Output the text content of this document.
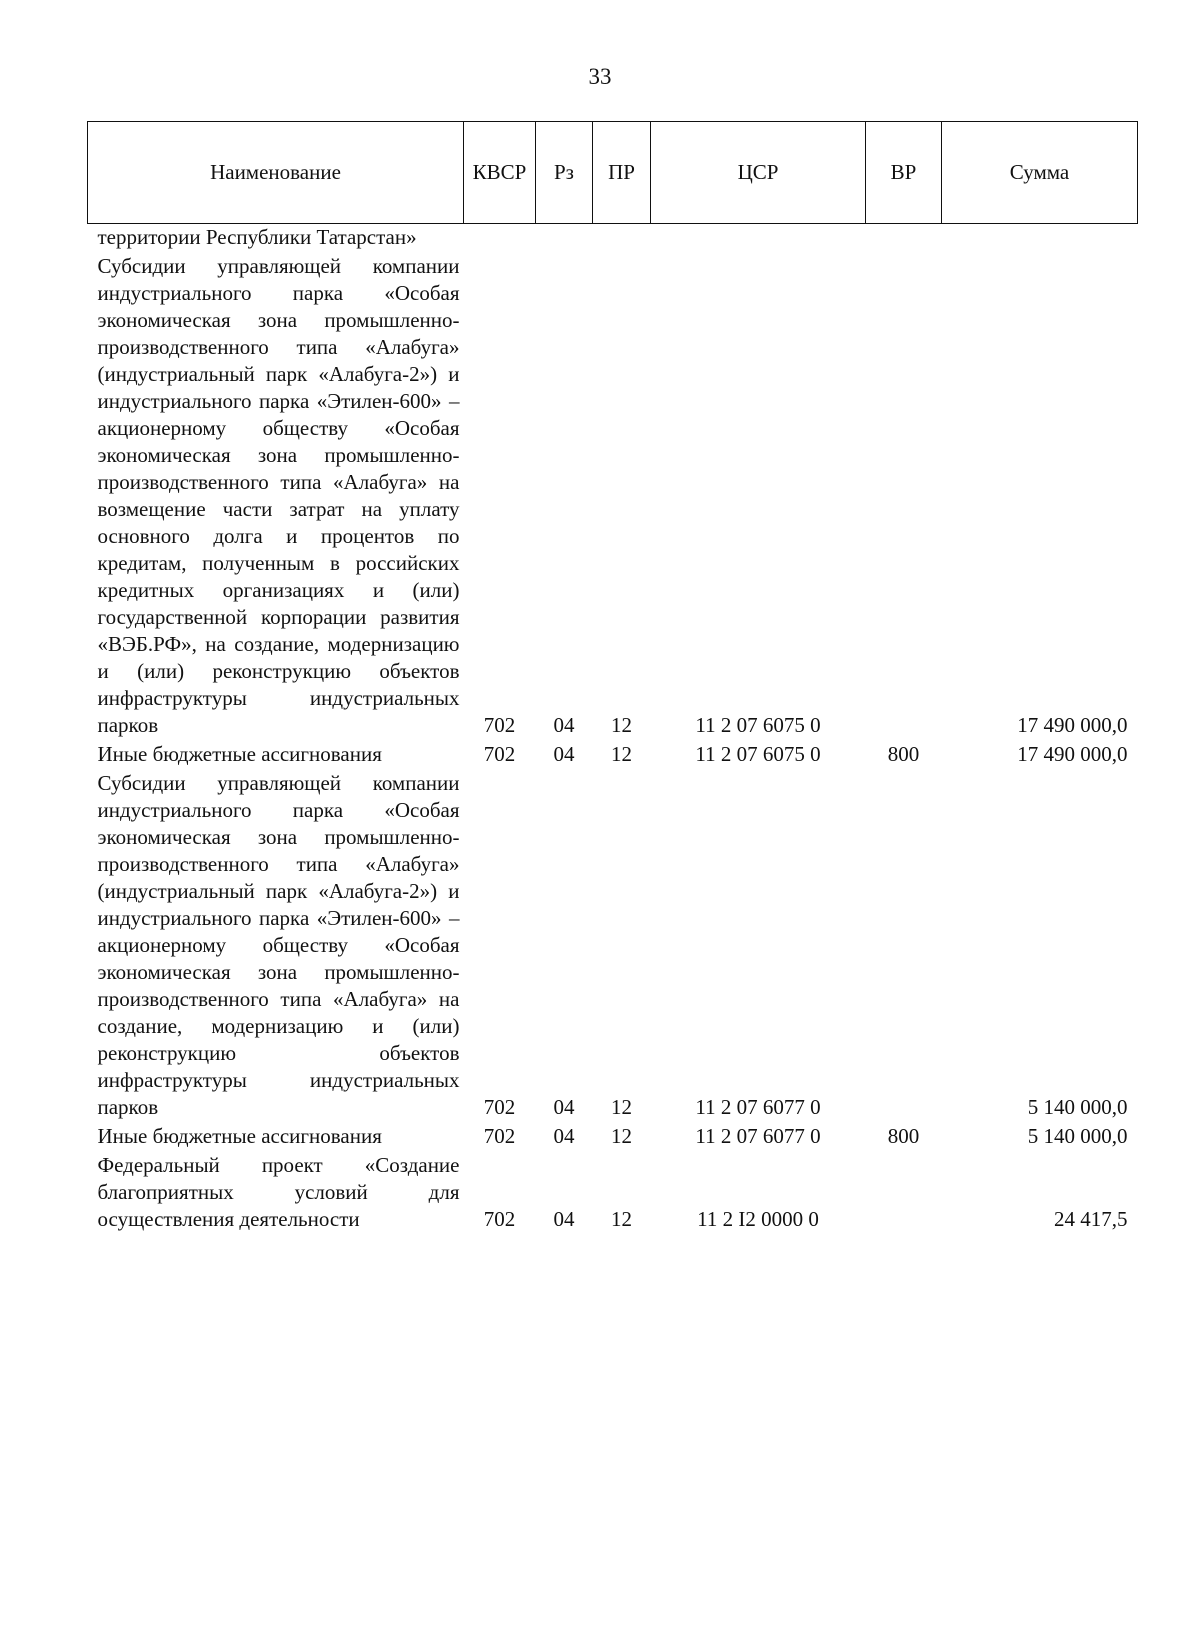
33
Наименование	КВСР	Рз	ПР	ЦСР	ВР	Сумма
территории Республики Татарстан»						
Субсидии управляющей компании индустриального парка «Особая экономическая зона промышленно-производственного типа «Алабуга» (индустриальный парк «Алабуга-2») и индустриального парка «Этилен-600» – акционерному обществу «Особая экономическая зона промышленно-производственного типа «Алабуга» на возмещение части затрат на уплату основного долга и процентов по кредитам, полученным в российских кредитных организациях и (или) государственной корпорации развития «ВЭБ.РФ», на создание, модернизацию и (или) реконструкцию объектов инфраструктуры индустриальных парков	702	04	12	11 2 07 6075 0		17 490 000,0
Иные бюджетные ассигнования	702	04	12	11 2 07 6075 0	800	17 490 000,0
Субсидии управляющей компании индустриального парка «Особая экономическая зона промышленно-производственного типа «Алабуга» (индустриальный парк «Алабуга-2») и индустриального парка «Этилен-600» – акционерному обществу «Особая экономическая зона промышленно-производственного типа «Алабуга» на создание, модернизацию и (или) реконструкцию объектов инфраструктуры индустриальных парков	702	04	12	11 2 07 6077 0		5 140 000,0
Иные бюджетные ассигнования	702	04	12	11 2 07 6077 0	800	5 140 000,0
Федеральный проект «Создание благоприятных условий для осуществления деятельности	702	04	12	11 2 I2 0000 0		24 417,5
